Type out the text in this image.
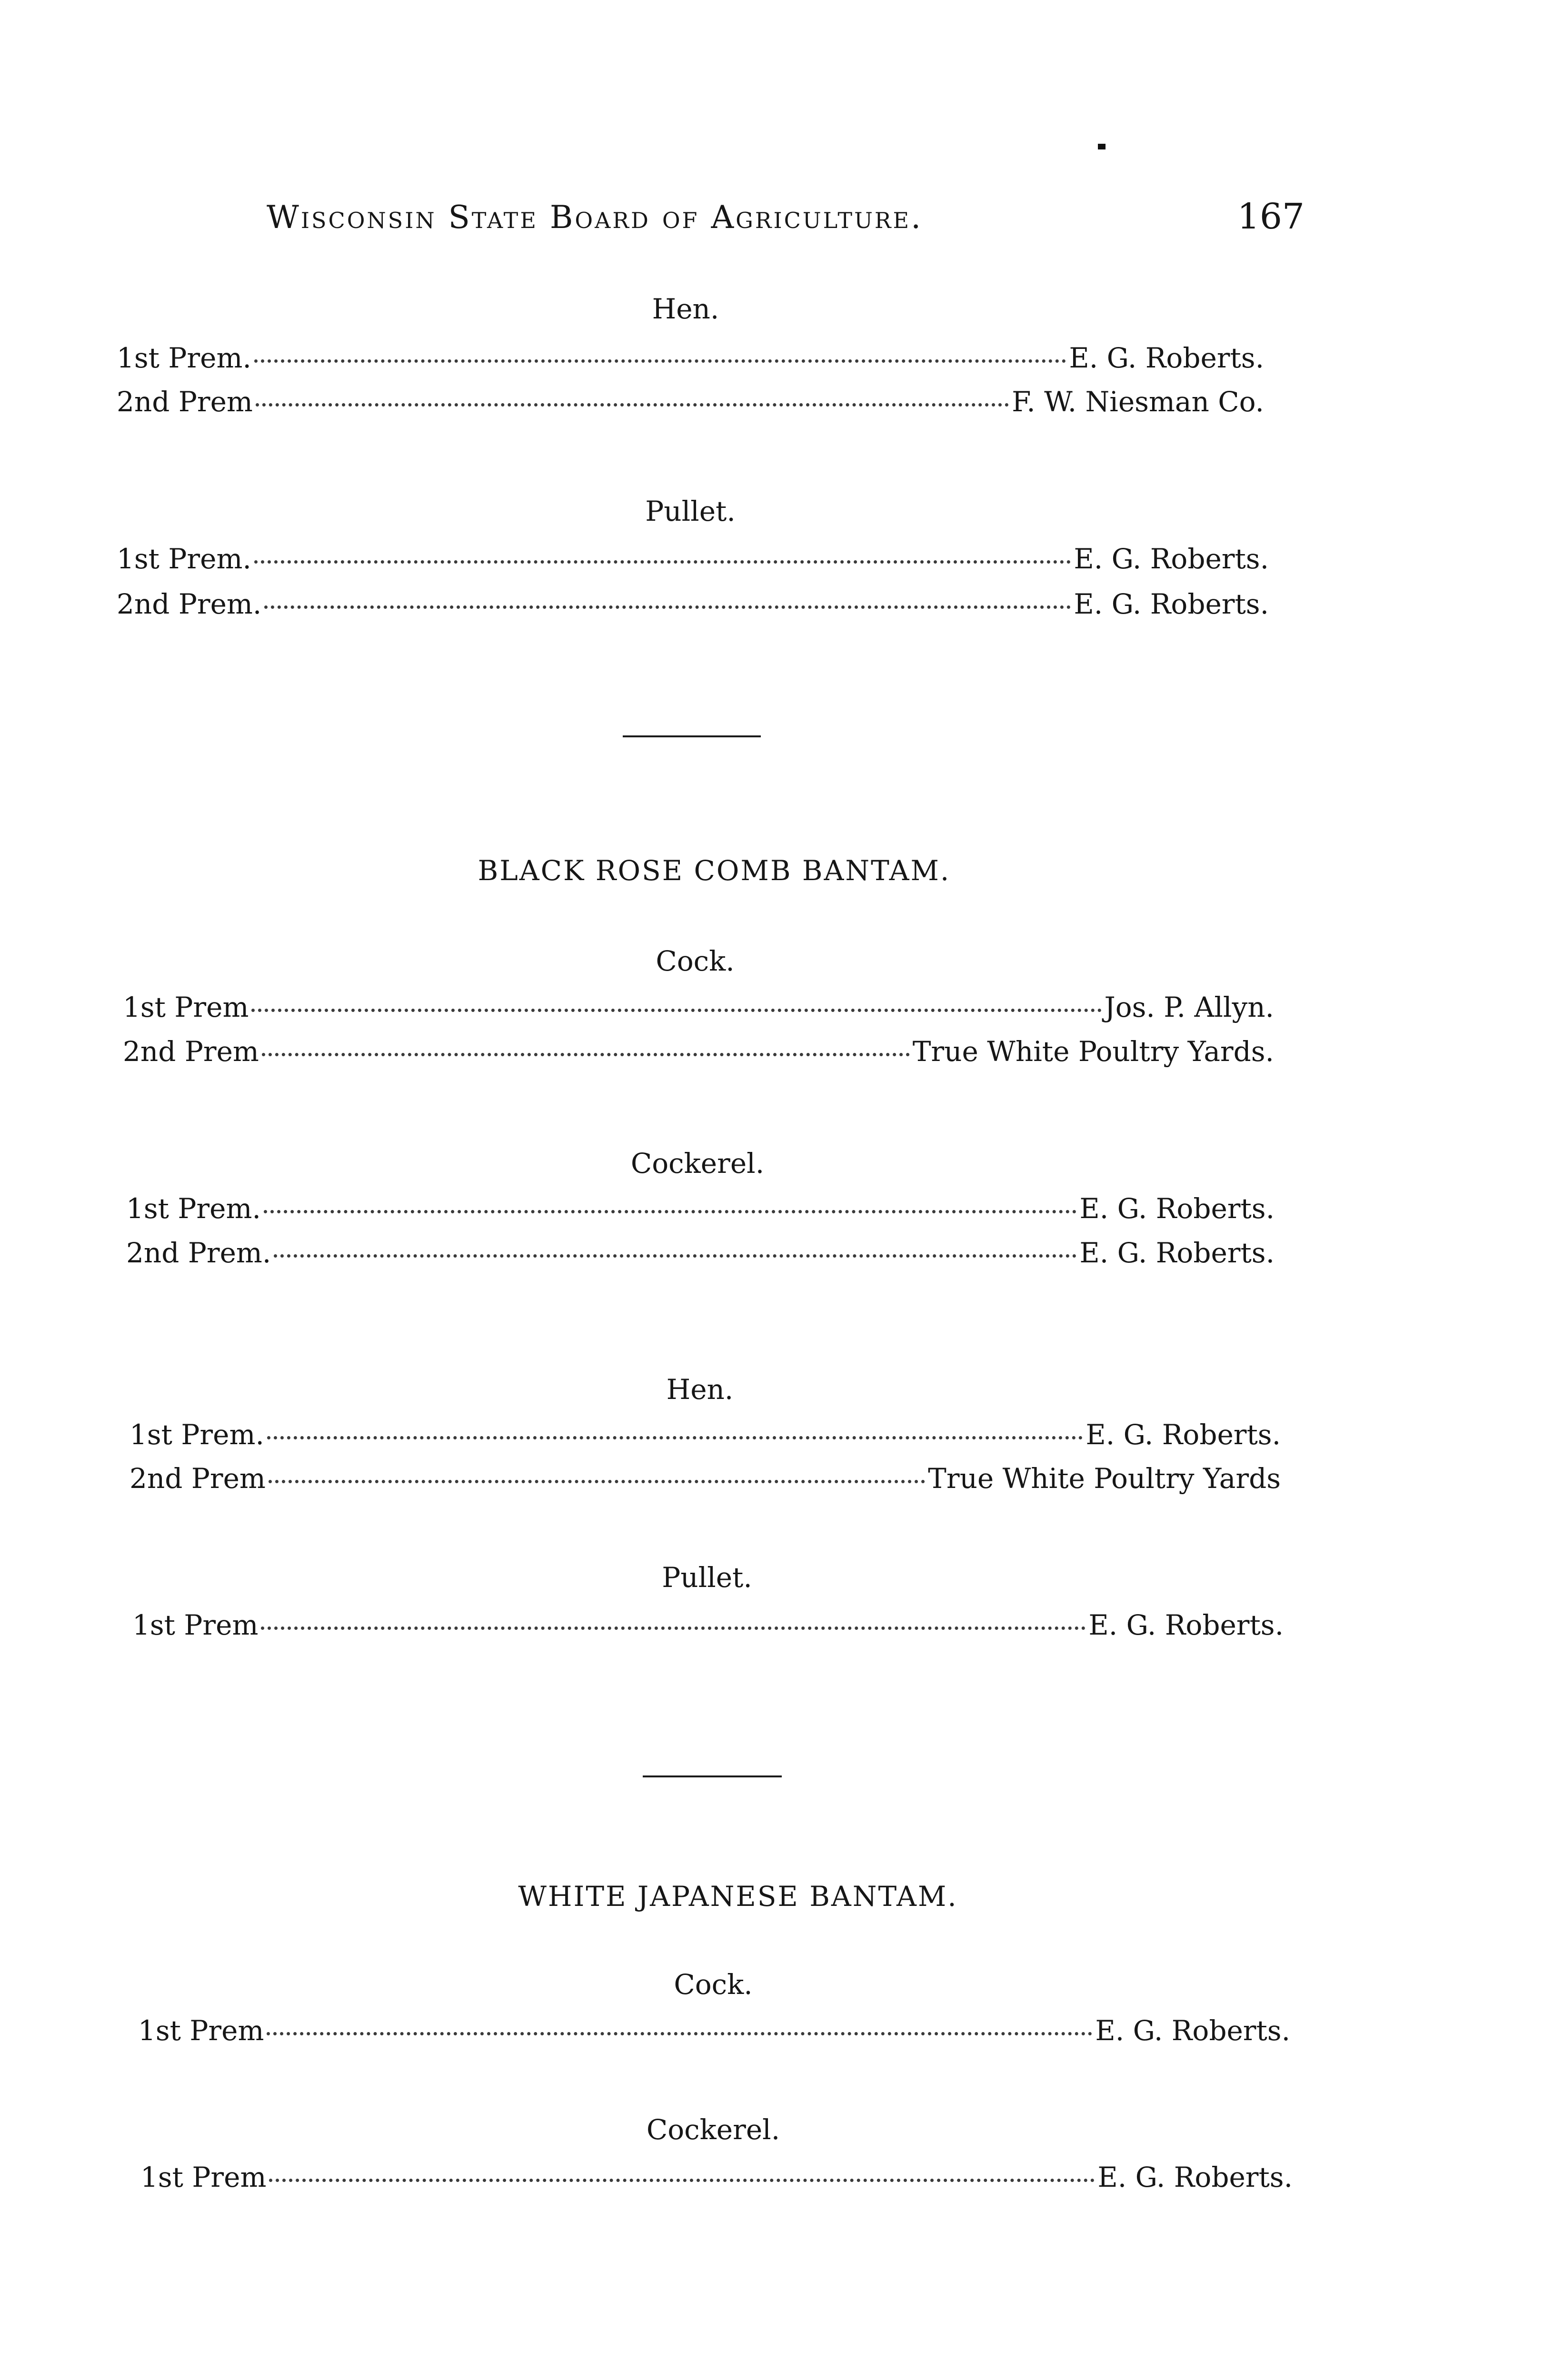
Wisconsin State Board of Agriculture.	167
Hen.
1st Prem.	E. G. Roberts.
2nd Prem	F. W. Niesman Co.
Pullet.
1st Prem.	E. G. Roberts.
2nd Prem.	E. G. Roberts.
BLACK ROSE COMB BANTAM.
Cock.
1st Prem	Jos. P. Allyn.
2nd Prem	True White Poultry Yards.
Cockerel.
1st Prem.	E. G. Roberts.
2nd Prem.	E. G. Roberts.
Hen.
1st Prem.	E. G. Roberts.
2nd Prem	True White Poultry Yards
Pullet.
1st Prem	E. G. Roberts.
WHITE JAPANESE BANTAM.
Cock.
1st Prem	E. G. Roberts.
Cockerel.
1st Prem	E. G. Roberts.
